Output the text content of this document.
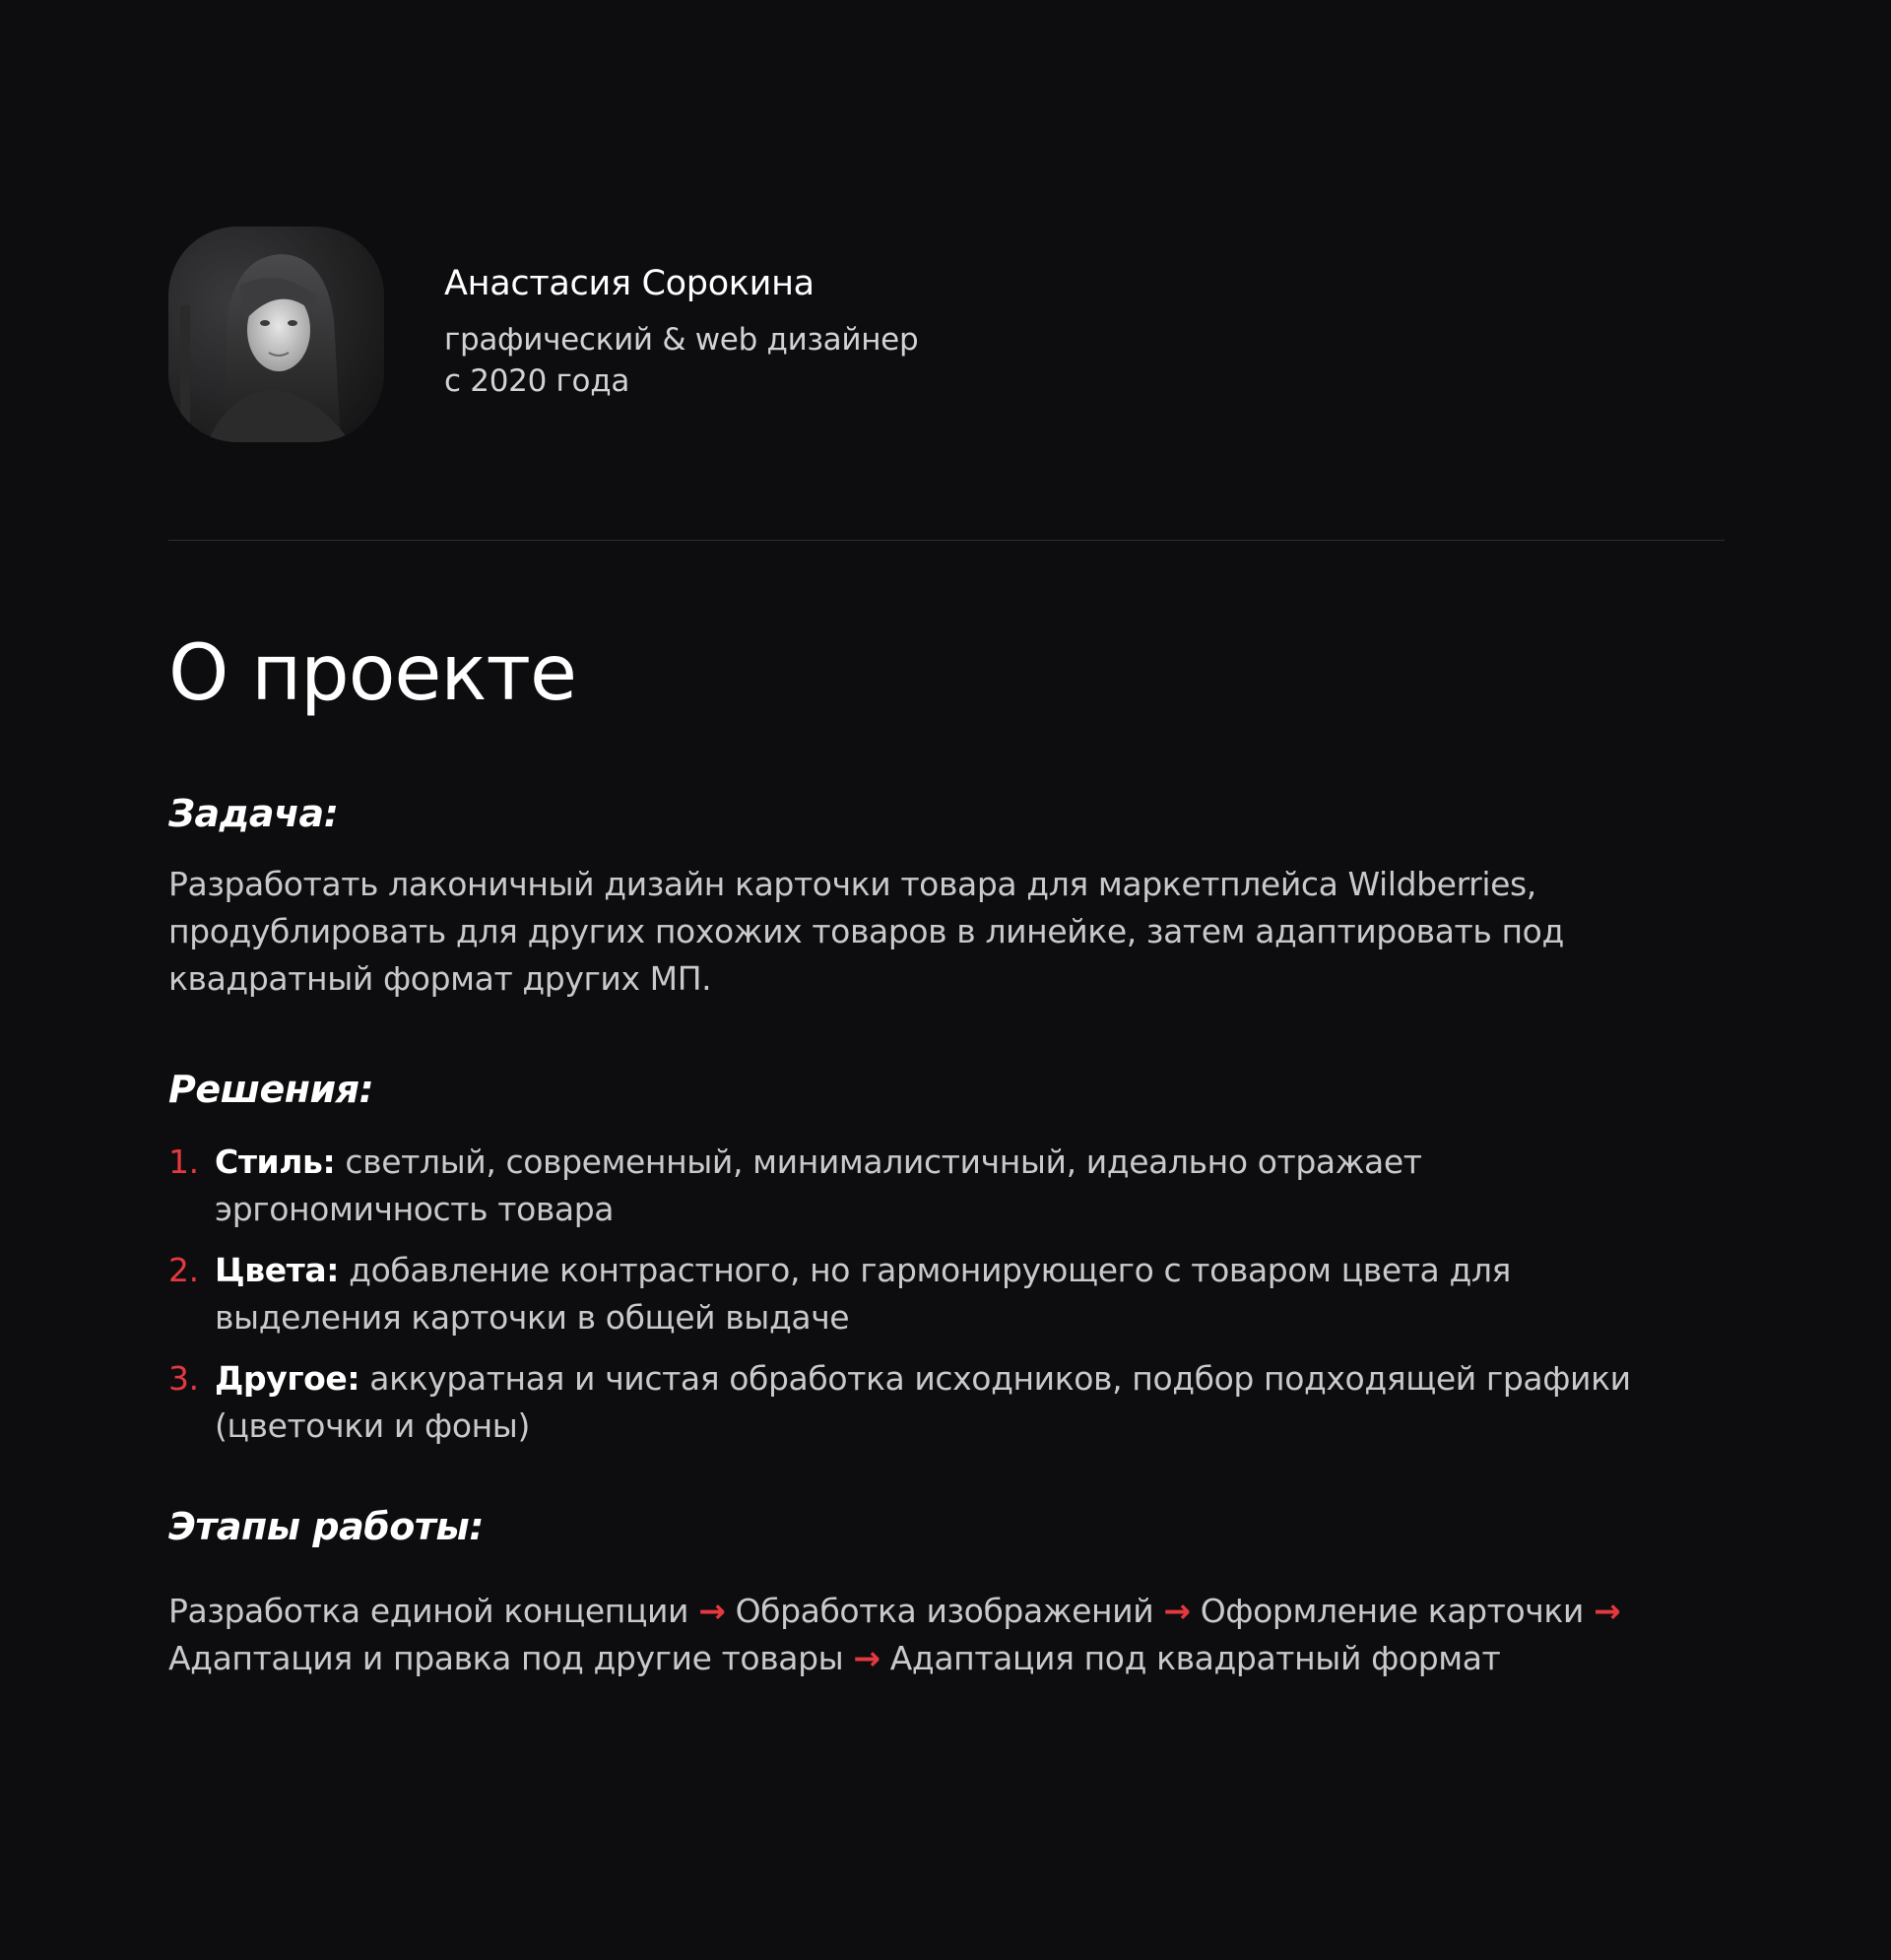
Анастасия Сорокина
графический & web дизайнер
с 2020 года
О проекте
Задача:

Разработать лаконичный дизайн карточки товара для маркетплейса Wildberries, продублировать для других похожих товаров в линейке, затем адаптировать под квадратный формат других МП.

Решения:
1. Стиль: светлый, современный, минималистичный, идеально отражает эргономичность товара
2. Цвета: добавление контрастного, но гармонирующего с товаром цвета для выделения карточки в общей выдаче
3. Другое: аккуратная и чистая обработка исходников, подбор подходящей графики (цветочки и фоны)
Этапы работы:

Разработка единой концепции → Обработка изображений → Оформление карточки → Адаптация и правка под другие товары → Адаптация под квадратный формат
